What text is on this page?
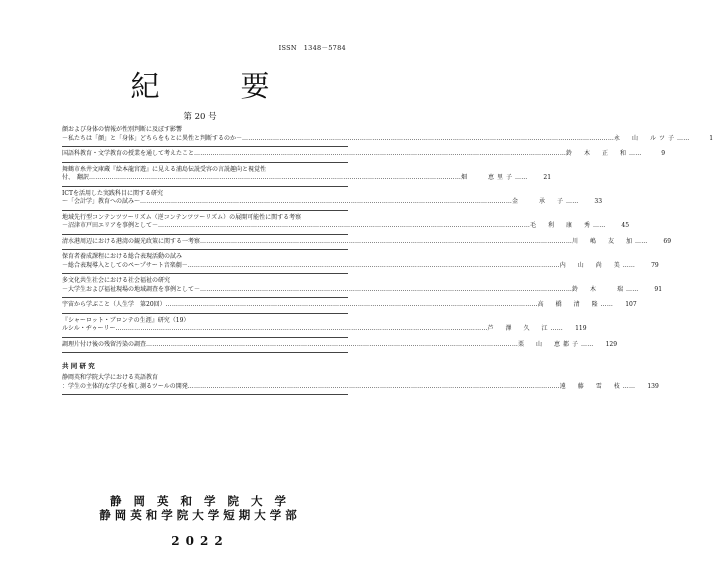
ISSN　1348－5784
紀　要
第 20 号
顔および身体の情報が性別判断に及ぼす影響
－私たちは「顔」と「身体」どちらをもとに異性と判断するのか－ ……………………………………………………………………………………………………………………………………………………………… 永　山　ルツ子 ……	1
国語科教育・文学教育の授業を通して考えたこと ……………………………………………………………………………………………………………………………………………………………… 鈴　木　正　和 ……	9
舞鶴市糸井文庫蔵『絵本龍宮遊』に見える浦島伝説受容の言説趣向と視覚性
付、　翻訳 ……………………………………………………………………………………………………………………………………………………………… 畑　　恵里子 ……	21
ICTを活用した実践科目に関する研究
～「会計学」教育への試み～ ……………………………………………………………………………………………………………………………………………………………… 金　　承　子 ……	33
地域先行型コンテンツツーリズム（逆コンテンツツーリズム）の展開可能性に関する考察
－沼津市戸田エリアを事例として－ ……………………………………………………………………………………………………………………………………………………………… 毛　利　康　秀 ……	45
清水港周辺における港湾の観光政策に関する一考察 ……………………………………………………………………………………………………………………………………………………………… 川　嶋　友　加 ……	69
保育者養成課程における総合表現活動の試み
－総合表現導入としてのペープサート音楽劇－ ……………………………………………………………………………………………………………………………………………………………… 内　山　尚　美 ……	79
多文化共生社会における社会福祉の研究
－大学生および福祉現場の地域調査を事例として－ ……………………………………………………………………………………………………………………………………………………………… 鈴　木　　瑞 ……	91
宇宙から学ぶこと（人生学　第20回） ……………………………………………………………………………………………………………………………………………………………… 高　橋　清　隆 ……	107
『シャーロット・ブロンテの生涯』研究（19）
ルシル・ヂゥーリー ……………………………………………………………………………………………………………………………………………………………… 芦　澤　久　江 ……	119
調理片付け後の残留汚染の調査 ……………………………………………………………………………………………………………………………………………………………… 栗　山　恵都子 ……	129
共 同 研 究
静岡英和学院大学における英語教育
：学生の主体的な学びを推し測るツールの開発 ……………………………………………………………………………………………………………………………………………………………… 遠　藤　雪　枝 ……	139
静 岡 英 和 学 院 大 学
静岡英和学院大学短期大学部
2022
